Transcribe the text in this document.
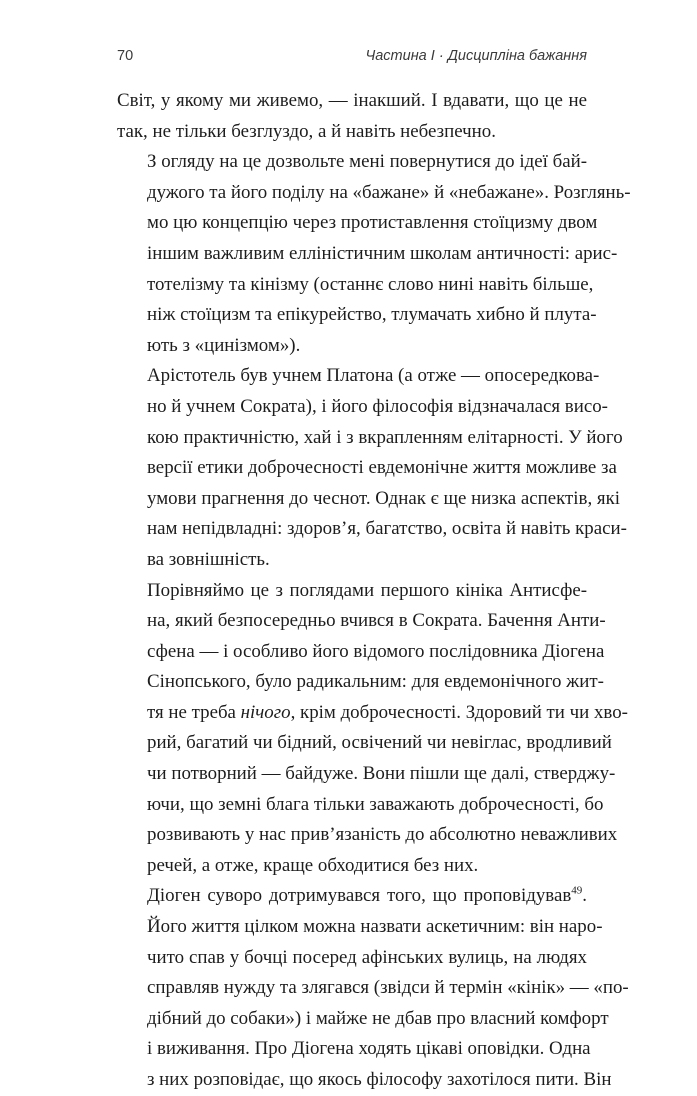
70	Частина I · Дисципліна бажання

Світ, у якому ми живемо, — інакший. І вдавати, що це не
так, не тільки безглуздо, а й навіть небезпечно.

З огляду на це дозвольте мені повернутися до ідеї бай-
дужого та його поділу на «бажане» й «небажане». Розглянь-
мо цю концепцію через протиставлення стоїцизму двом
іншим важливим елліністичним школам античності: арис-
тотелізму та кінізму (останнє слово нині навіть більше,
ніж стоїцизм та епікурейство, тлумачать хибно й плута-
ють з «цинізмом»).

Арістотель був учнем Платона (а отже — опосередкова-
но й учнем Сократа), і його філософія відзначалася висо-
кою практичністю, хай і з вкрапленням елітарності. У його
версії етики доброчесності евдемонічне життя можливе за
умови прагнення до чеснот. Однак є ще низка аспектів, які
нам непідвладні: здоров’я, багатство, освіта й навіть краси-
ва зовнішність.

Порівняймо це з поглядами першого кініка Антисфе-
на, який безпосередньо вчився в Сократа. Бачення Анти-
сфена — і особливо його відомого послідовника Діогена
Сінопського, було радикальним: для евдемонічного жит-
тя не треба нічого, крім доброчесності. Здоровий ти чи хво-
рий, багатий чи бідний, освічений чи невіглас, вродливий
чи потворний — байдуже. Вони пішли ще далі, стверджу-
ючи, що земні блага тільки заважають доброчесності, бо
розвивають у нас прив’язаність до абсолютно неважливих
речей, а отже, краще обходитися без них.

Діоген суворо дотримувався того, що проповідував$^{49}$.
Його життя цілком можна назвати аскетичним: він наро-
чито спав у бочці посеред афінських вулиць, на людях
справляв нужду та злягався (звідси й термін «кінік» — «по-
дібний до собаки») і майже не дбав про власний комфорт
і виживання. Про Діогена ходять цікаві оповідки. Одна
з них розповідає, що якось філософу захотілося пити. Він
